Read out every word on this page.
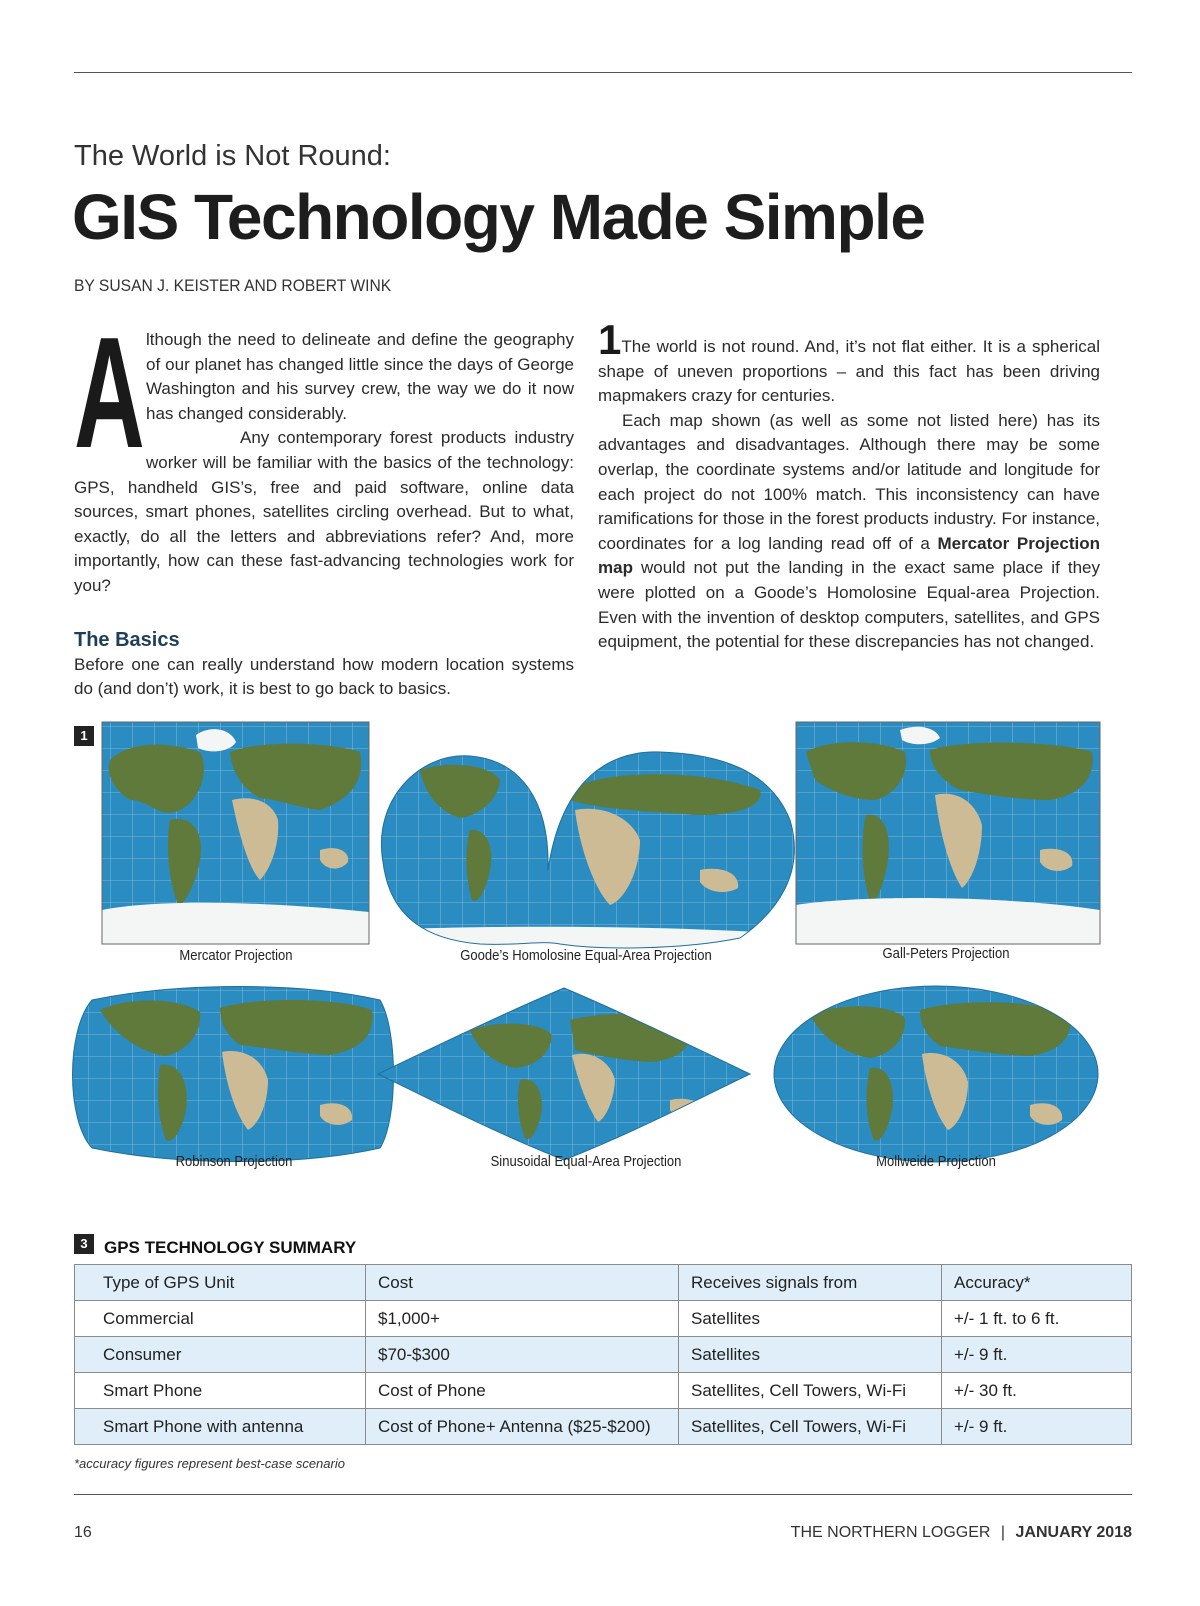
The World is Not Round:
GIS Technology Made Simple
BY SUSAN J. KEISTER AND ROBERT WINK

A lthough the need to delineate and define the geography of our planet has changed little since the days of George Washington and his survey crew, the way we do it now has changed considerably.

Any contemporary forest products industry worker will be familiar with the basics of the technology: GPS, handheld GIS’s, free and paid software, online data sources, smart phones, satellites circling overhead. But to what, exactly, do all the letters and abbreviations refer? And, more importantly, how can these fast-advancing technologies work for you?

The Basics

Before one can really understand how modern location systems do (and don’t) work, it is best to go back to basics.

1The world is not round. And, it’s not flat either. It is a spherical shape of uneven proportions – and this fact has been driving mapmakers crazy for centuries.

Each map shown (as well as some not listed here) has its advantages and disadvantages. Although there may be some overlap, the coordinate systems and/or latitude and longitude for each project do not 100% match. This inconsistency can have ramifications for those in the forest products industry. For instance, coordinates for a log landing read off of a Mercator Projection map would not put the landing in the exact same place if they were plotted on a Goode’s Homolosine Equal-area Projection. Even with the invention of desktop computers, satellites, and GPS equipment, the potential for these discrepancies has not changed.

1
Mercator Projection	Goode’s Homolosine Equal-Area Projection	Gall-Peters Projection
Robinson Projection	Sinusoidal Equal-Area Projection	Mollweide Projection
3 GPS TECHNOLOGY SUMMARY
Type of GPS Unit	Cost	Receives signals from	Accuracy*
Commercial	$1,000+	Satellites	+/- 1 ft. to 6 ft.
Consumer	$70-$300	Satellites	+/- 9 ft.
Smart Phone	Cost of Phone	Satellites, Cell Towers, Wi-Fi	+/- 30 ft.
Smart Phone with antenna	Cost of Phone+ Antenna ($25-$200)	Satellites, Cell Towers, Wi-Fi	+/- 9 ft.
*accuracy figures represent best-case scenario
16	THE NORTHERN LOGGER | JANUARY 2018
